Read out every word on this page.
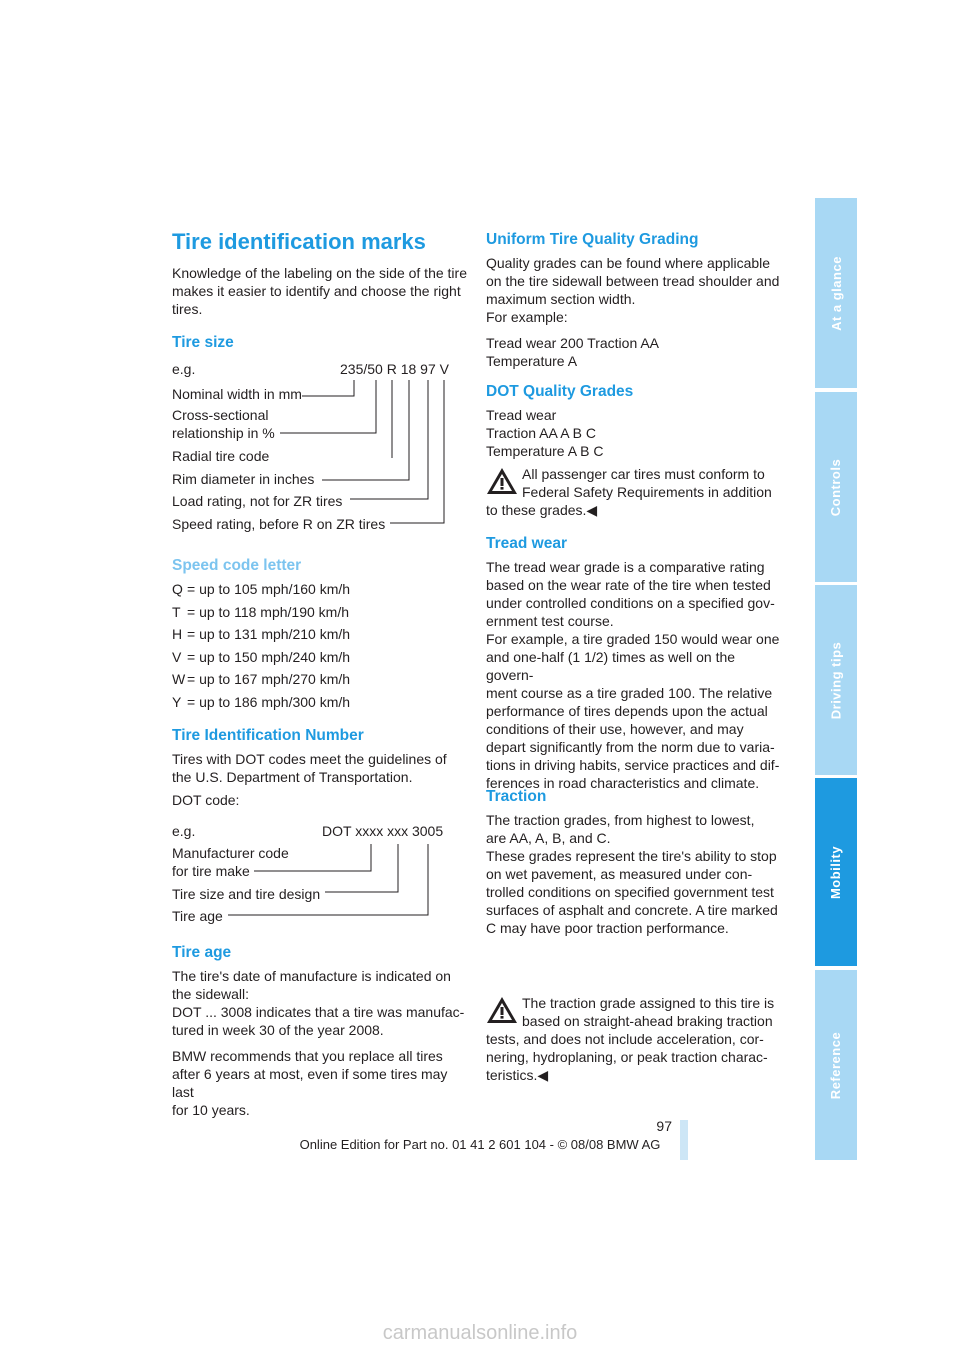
At a glance
Controls
Driving tips
Mobility
Reference
Tire identification marks
Knowledge of the labeling on the side of the tire
makes it easier to identify and choose the right
tires.
Tire size
e.g.	235/50 R 18 97 V
Nominal width in mm
Cross-sectional
relationship in %
Radial tire code
Rim diameter in inches
Load rating, not for ZR tires
Speed rating, before R on ZR tires
Speed code letter
Q = up to 105 mph/160 km/h
T = up to 118 mph/190 km/h
H = up to 131 mph/210 km/h
V = up to 150 mph/240 km/h
W = up to 167 mph/270 km/h
Y = up to 186 mph/300 km/h
Tire Identification Number
Tires with DOT codes meet the guidelines of
the U.S. Department of Transportation.
DOT code:
e.g.	DOT xxxx xxx 3005
Manufacturer code
for tire make
Tire size and tire design
Tire age
Tire age
The tire's date of manufacture is indicated on
the sidewall:
DOT ... 3008 indicates that a tire was manufac-
tured in week 30 of the year 2008.
BMW recommends that you replace all tires
after 6 years at most, even if some tires may last
for 10 years.
Uniform Tire Quality Grading
Quality grades can be found where applicable
on the tire sidewall between tread shoulder and
maximum section width.
For example:
Tread wear 200 Traction AA
Temperature A
DOT Quality Grades
Tread wear
Traction AA A B C
Temperature A B C
All passenger car tires must conform to
Federal Safety Requirements in addition
to these grades.◀
Tread wear
The tread wear grade is a comparative rating
based on the wear rate of the tire when tested
under controlled conditions on a specified gov-
ernment test course.
For example, a tire graded 150 would wear one
and one-half (1 1/2) times as well on the govern-
ment course as a tire graded 100. The relative
performance of tires depends upon the actual
conditions of their use, however, and may
depart significantly from the norm due to varia-
tions in driving habits, service practices and dif-
ferences in road characteristics and climate.
Traction
The traction grades, from highest to lowest,
are AA, A, B, and C.
These grades represent the tire's ability to stop
on wet pavement, as measured under con-
trolled conditions on specified government test
surfaces of asphalt and concrete. A tire marked
C may have poor traction performance.
The traction grade assigned to this tire is
based on straight-ahead braking traction
tests, and does not include acceleration, cor-
nering, hydroplaning, or peak traction charac-
teristics.◀
97
Online Edition for Part no. 01 41 2 601 104 - © 08/08 BMW AG
carmanualsonline.info
